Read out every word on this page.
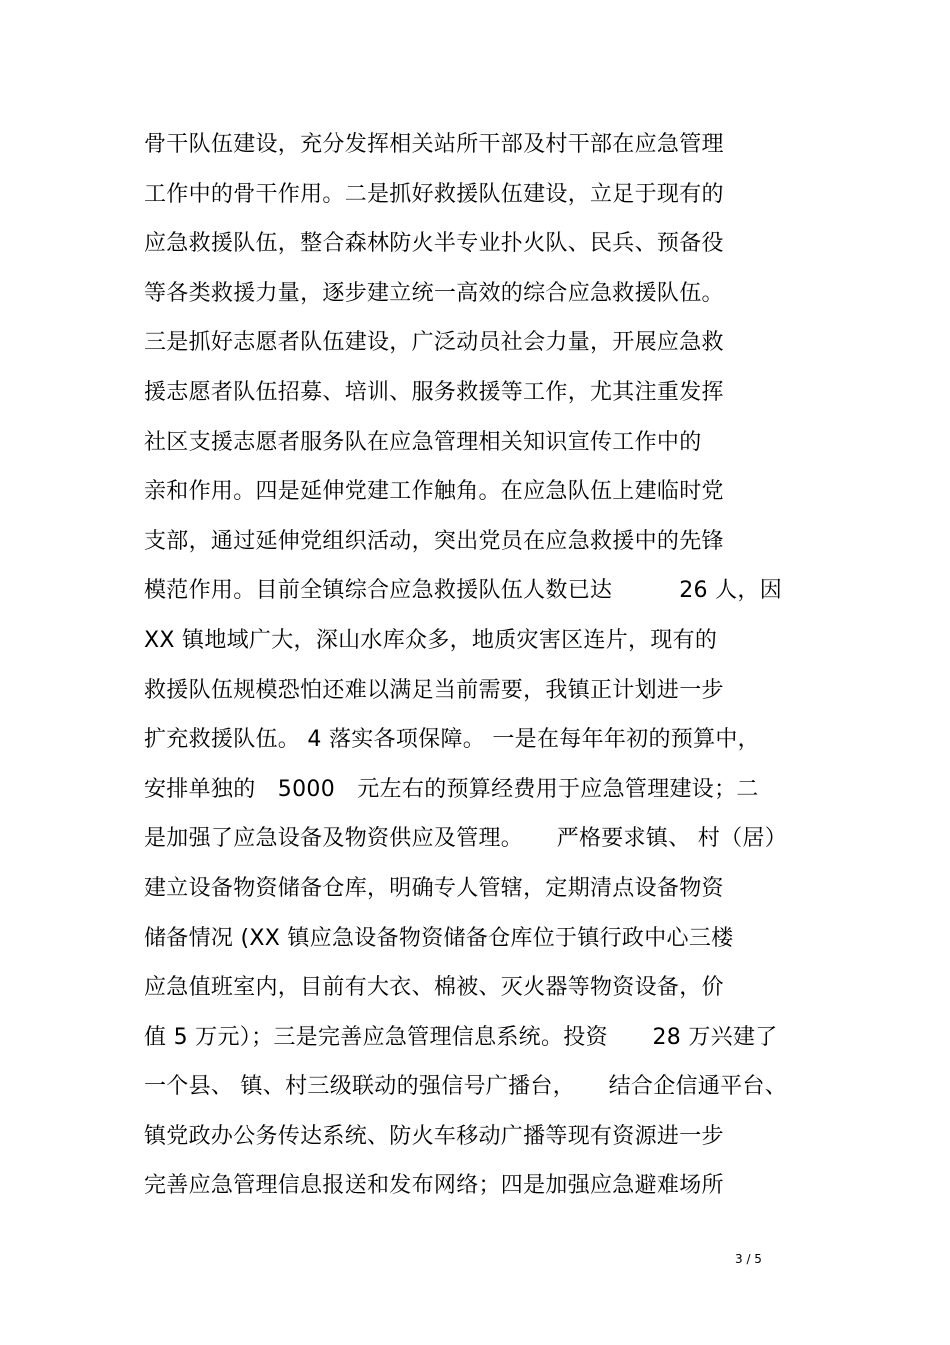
骨干队伍建设，充分发挥相关站所干部及村干部在应急管理
工作中的骨干作用。二是抓好救援队伍建设，立足于现有的
应急救援队伍，整合森林防火半专业扑火队、民兵、预备役
等各类救援力量，逐步建立统一高效的综合应急救援队伍。
三是抓好志愿者队伍建设，广泛动员社会力量，开展应急救
援志愿者队伍招募、培训、服务救援等工作，尤其注重发挥
社区支援志愿者服务队在应急管理相关知识宣传工作中的
亲和作用。四是延伸党建工作触角。在应急队伍上建临时党
支部，通过延伸党组织活动，突出党员在应急救援中的先锋
模范作用。目前全镇综合应急救援队伍人数已达　　　26 人，因
XX 镇地域广大，深山水库众多，地质灾害区连片，现有的
救援队伍规模恐怕还难以满足当前需要，我镇正计划进一步
扩充救援队伍。 4 落实各项保障。 一是在每年年初的预算中，
安排单独的　5000　元左右的预算经费用于应急管理建设；二
是加强了应急设备及物资供应及管理。　　严格要求镇、 村（居）
建立设备物资储备仓库，明确专人管辖，定期清点设备物资
储备情况 (XX 镇应急设备物资储备仓库位于镇行政中心三楼
应急值班室内，目前有大衣、棉被、灭火器等物资设备，价
值 5 万元）；三是完善应急管理信息系统。投资　　28 万兴建了
一个县、 镇、村三级联动的强信号广播台，　　结合企信通平台、
镇党政办公务传达系统、防火车移动广播等现有资源进一步
完善应急管理信息报送和发布网络；四是加强应急避难场所
3 / 5
